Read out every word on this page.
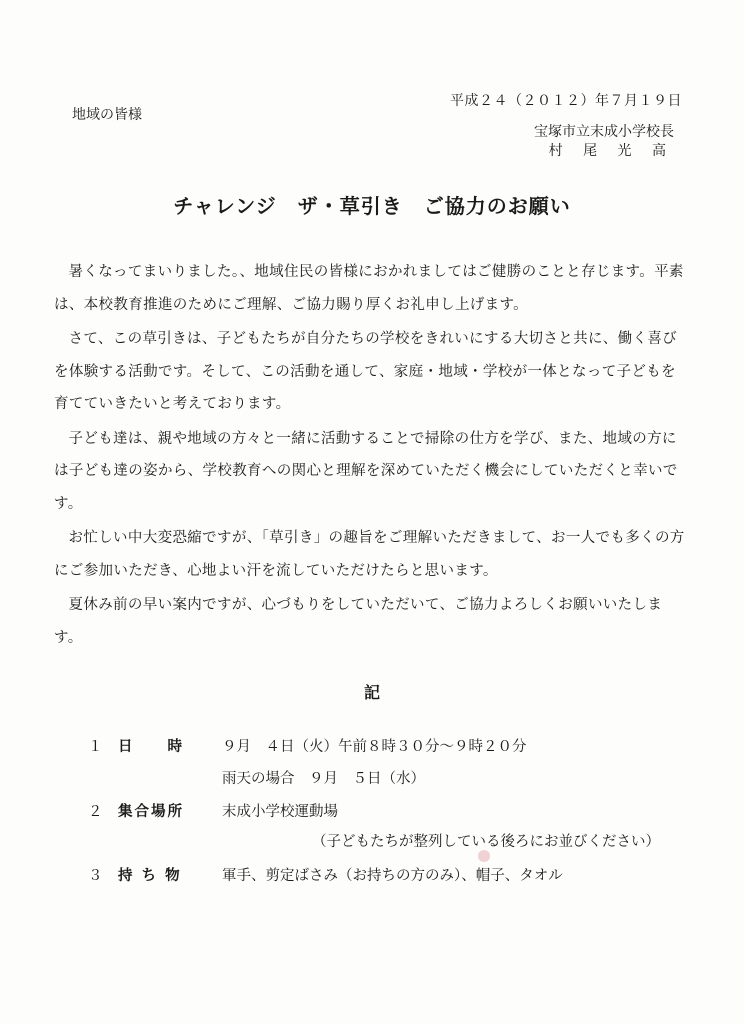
地域の皆様
平成２４（２０１２）年７月１９日
宝塚市立末成小学校長
村 尾 光 高
チャレンジ　ザ・草引き　ご協力のお願い

暑くなってまいりました。、地域住民の皆様におかれましてはご健勝のことと存じます。平素は、本校教育推進のためにご理解、ご協力賜り厚くお礼申し上げます。

さて、この草引きは、子どもたちが自分たちの学校をきれいにする大切さと共に、働く喜びを体験する活動です。そして、この活動を通して、家庭・地域・学校が一体となって子どもを育てていきたいと考えております。

子ども達は、親や地域の方々と一緒に活動することで掃除の仕方を学び、また、地域の方には子ども達の姿から、学校教育への関心と理解を深めていただく機会にしていただくと幸いです。

お忙しい中大変恐縮ですが、「草引き」の趣旨をご理解いただきまして、お一人でも多くの方にご参加いただき、心地よい汗を流していただけたらと思います。

夏休み前の早い案内ですが、心づもりをしていただいて、ご協力よろしくお願いいたします。

記
１ 日　　時	９月　４日（火）午前８時３０分～９時２０分
雨天の場合　９月　５日（水）
２ 集合場所	末成小学校運動場
（子どもたちが整列している後ろにお並びください）
３ 持 ち 物	軍手、剪定ばさみ（お持ちの方のみ）、帽子、タオル
